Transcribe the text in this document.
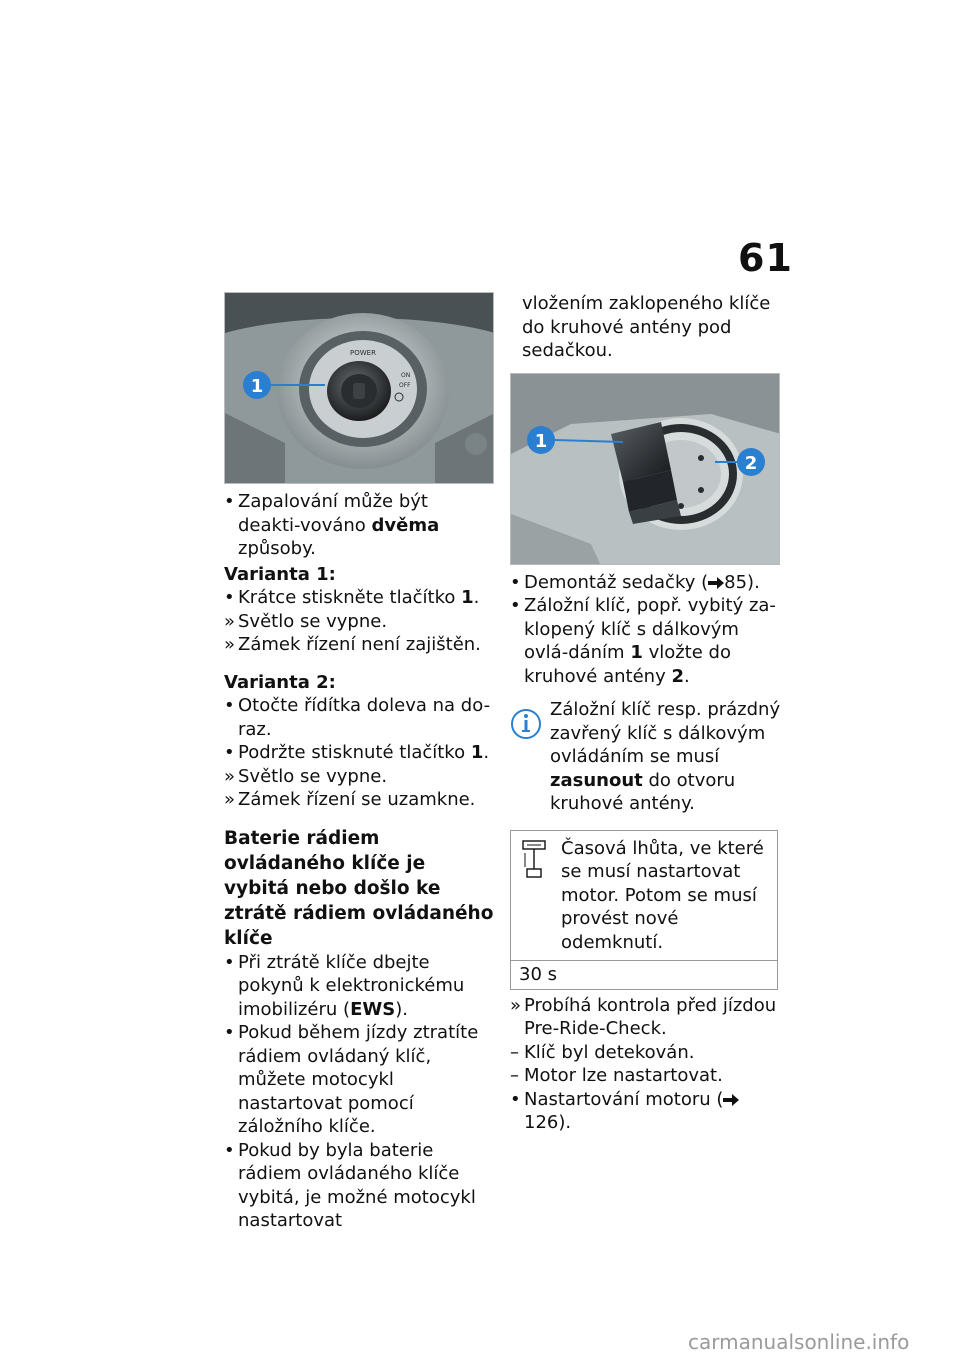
61
POWER
ON
OFF
1

• Zapalování může být deakti-vováno dvěma způsoby.

Varianta 1:

• Krátce stiskněte tlačítko 1.

» Světlo se vypne.

» Zámek řízení není zajištěn.

Varianta 2:

• Otočte řídítka doleva na do-raz.

• Podržte stisknuté tlačítko 1.

» Světlo se vypne.

» Zámek řízení se uzamkne.

Baterie rádiem ovládaného klíče je vybitá nebo došlo ke ztrátě rádiem ovládaného klíče

• Při ztrátě klíče dbejte pokynů k elektronickému imobilizéru (EWS).

• Pokud během jízdy ztratíte rádiem ovládaný klíč, můžete motocykl nastartovat pomocí záložního klíče.

• Pokud by byla baterie rádiem ovládaného klíče vybitá, je možné motocykl nastartovat

vložením zaklopeného klíče do kruhové antény pod sedačkou.

1
2

• Demontáž sedačky ( 85).

• Záložní klíč, popř. vybitý za-klopený klíč s dálkovým ovlá-dáním 1 vložte do kruhové antény 2.

Záložní klíč resp. prázdný zavřený klíč s dálkovým ovládáním se musí zasunout do otvoru kruhové antény.
Časová lhůta, ve které se musí nastartovat motor. Potom se musí provést nové odemknutí.
30 s

» Probíhá kontrola před jízdou Pre-Ride-Check.

– Klíč byl detekován.

– Motor lze nastartovat.

• Nastartování motoru (126).

carmanualsonline.info
